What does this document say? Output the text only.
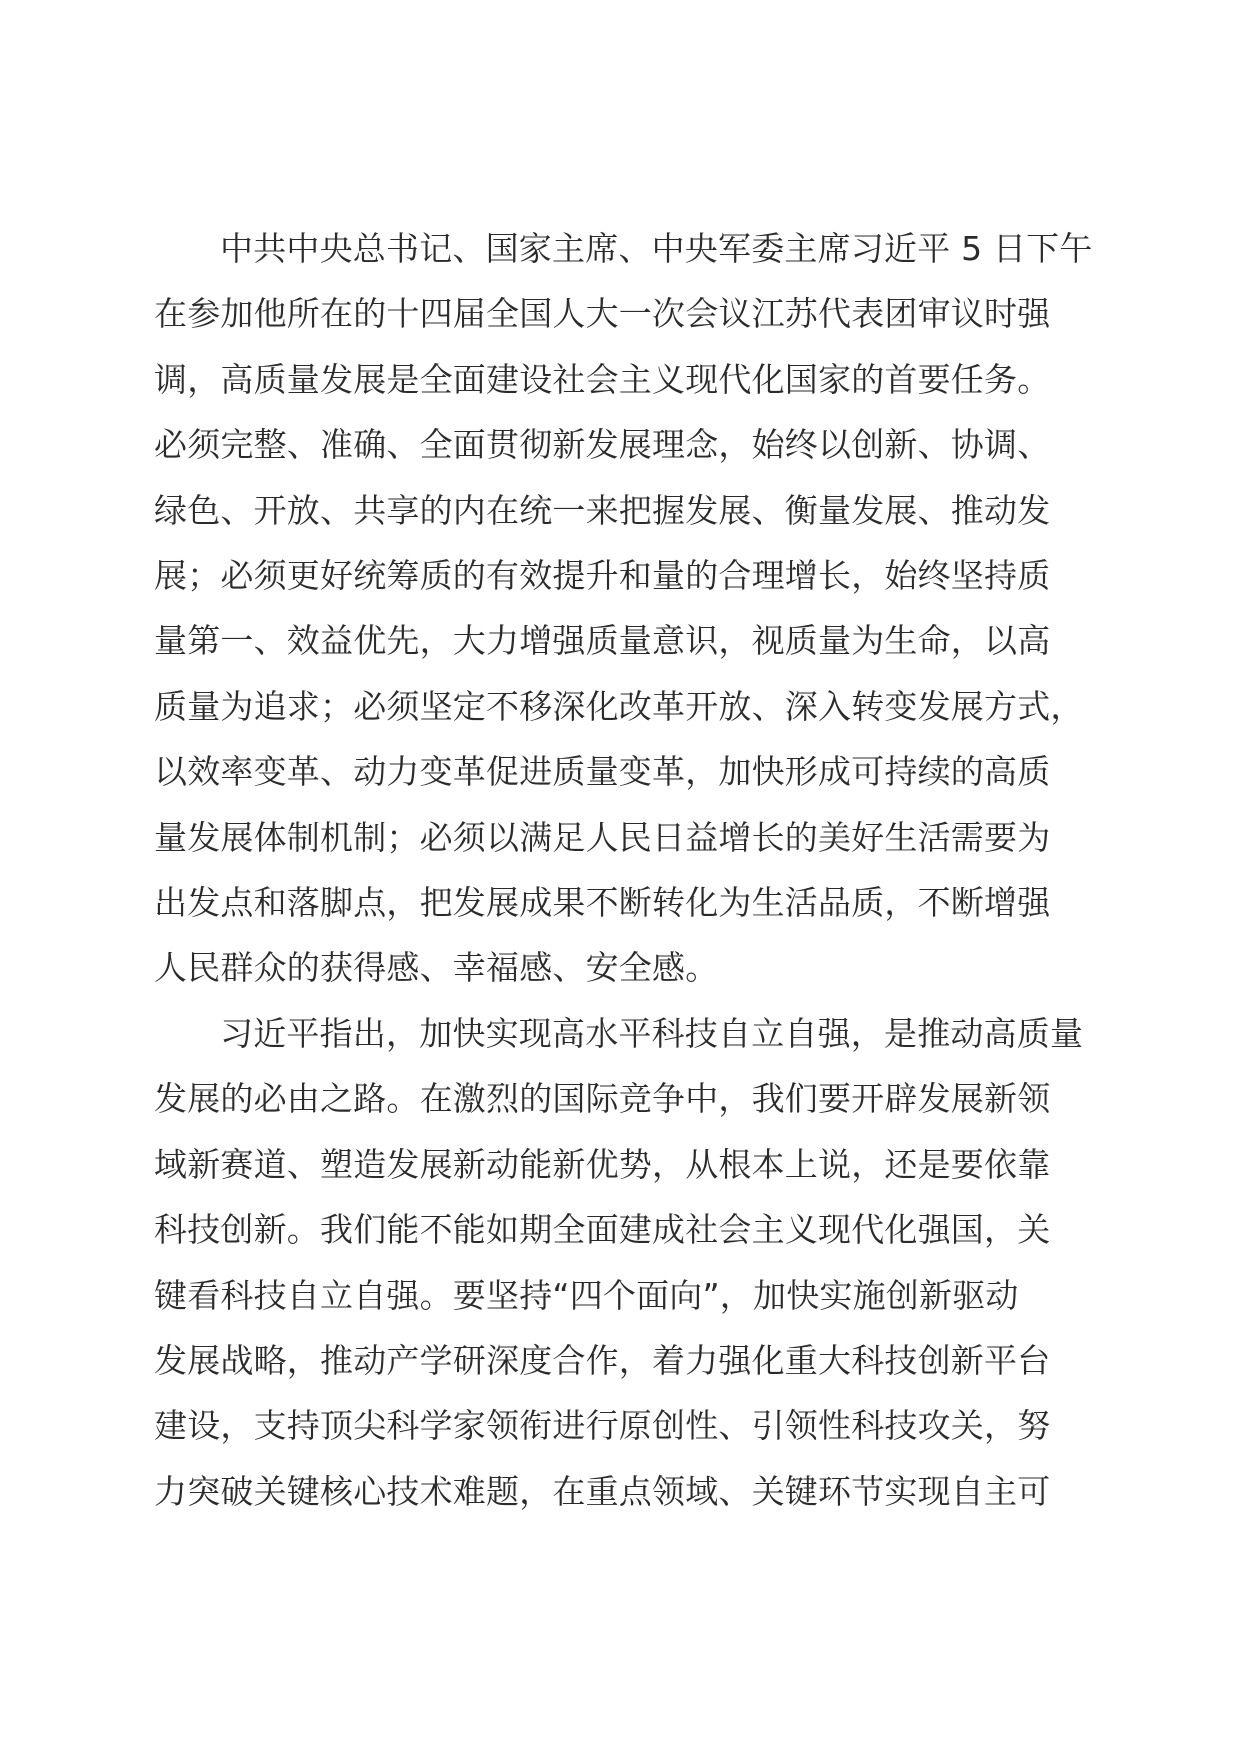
中共中央总书记、国家主席、中央军委主席习近平 5 日下午
在参加他所在的十四届全国人大一次会议江苏代表团审议时强
调，高质量发展是全面建设社会主义现代化国家的首要任务。
必须完整、准确、全面贯彻新发展理念，始终以创新、协调、
绿色、开放、共享的内在统一来把握发展、衡量发展、推动发
展；必须更好统筹质的有效提升和量的合理增长，始终坚持质
量第一、效益优先，大力增强质量意识，视质量为生命，以高
质量为追求；必须坚定不移深化改革开放、深入转变发展方式，
以效率变革、动力变革促进质量变革，加快形成可持续的高质
量发展体制机制；必须以满足人民日益增长的美好生活需要为
出发点和落脚点，把发展成果不断转化为生活品质，不断增强
人民群众的获得感、幸福感、安全感。

习近平指出，加快实现高水平科技自立自强，是推动高质量
发展的必由之路。在激烈的国际竞争中，我们要开辟发展新领
域新赛道、塑造发展新动能新优势，从根本上说，还是要依靠
科技创新。我们能不能如期全面建成社会主义现代化强国，关
键看科技自立自强。要坚持“四个面向”，加快实施创新驱动
发展战略，推动产学研深度合作，着力强化重大科技创新平台
建设，支持顶尖科学家领衔进行原创性、引领性科技攻关，努
力突破关键核心技术难题，在重点领域、关键环节实现自主可
